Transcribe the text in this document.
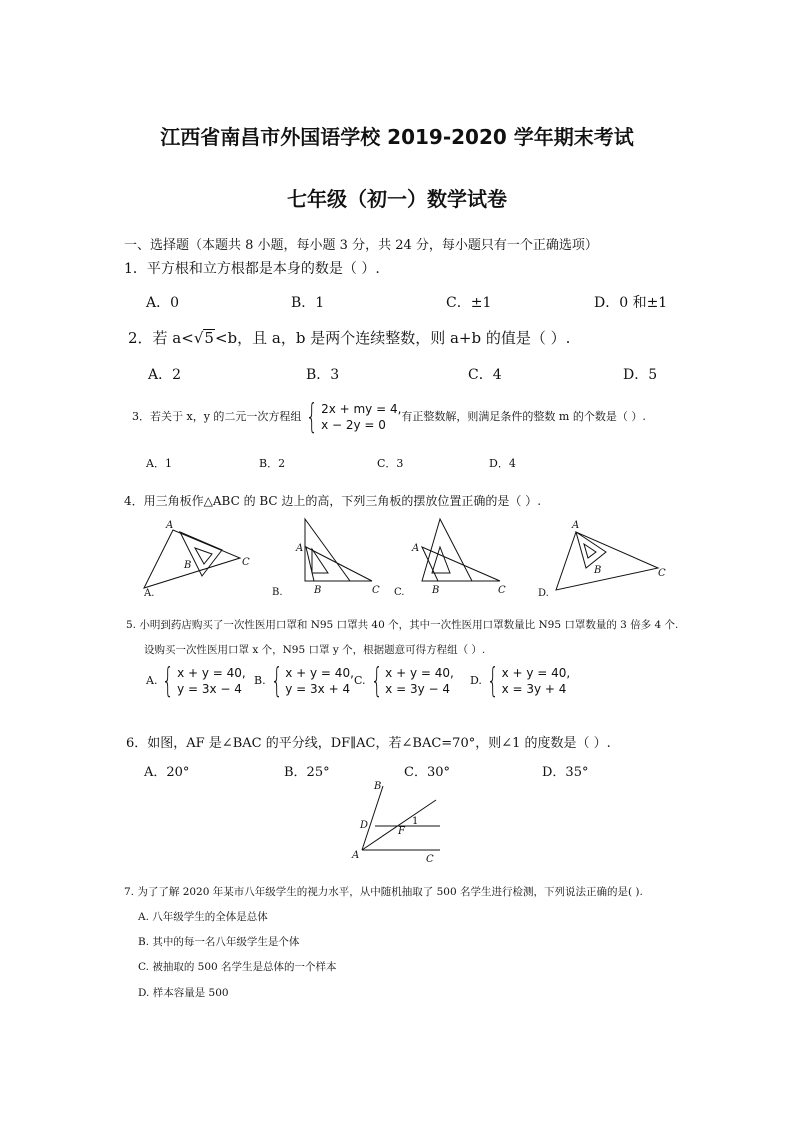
江西省南昌市外国语学校 2019-2020 学年期末考试
七年级（初一）数学试卷
一、选择题（本题共 8 小题，每小题 3 分，共 24 分，每小题只有一个正确选项）
1．平方根和立方根都是本身的数是（ ）.
A．0	B．1	C．±1	D．0 和±1
2．若 a<√5<b，且 a，b 是两个连续整数，则 a+b 的值是（ ）.
A．2	B．3	C．4	D．5
3．若关于 x，y 的二元一次方程组 { 2x + my = 4,
x − 2y = 0
有正整数解，则满足条件的整数 m 的个数是（ ）.
A．1	B．2	C．3	D．4
4．用三角板作△ABC 的 BC 边上的高，下列三角板的摆放位置正确的是（ ）.
A
B	C
A.
A
B	C
B.
A
B	C
C.
A
B	C
D.
5. 小明到药店购买了一次性医用口罩和 N95 口罩共 40 个，其中一次性医用口罩数量比 N95 口罩数量的 3 倍多 4 个.
设购买一次性医用口罩 x 个，N95 口罩 y 个，根据题意可得方程组（ ）.
A. { x + y = 40,
y = 3x − 4
B. { x + y = 40,
y = 3x + 4
C. { x + y = 40,
x = 3y − 4
D. { x + y = 40,
x = 3y + 4
6．如图，AF 是∠BAC 的平分线，DF∥AC，若∠BAC=70°，则∠1 的度数是（ ）.
A．20°	B．25°	C．30°	D．35°
B
D
F
1
A	C
7. 为了了解 2020 年某市八年级学生的视力水平，从中随机抽取了 500 名学生进行检测，下列说法正确的是( ).
A. 八年级学生的全体是总体
B. 其中的每一名八年级学生是个体
C. 被抽取的 500 名学生是总体的一个样本
D. 样本容量是 500
